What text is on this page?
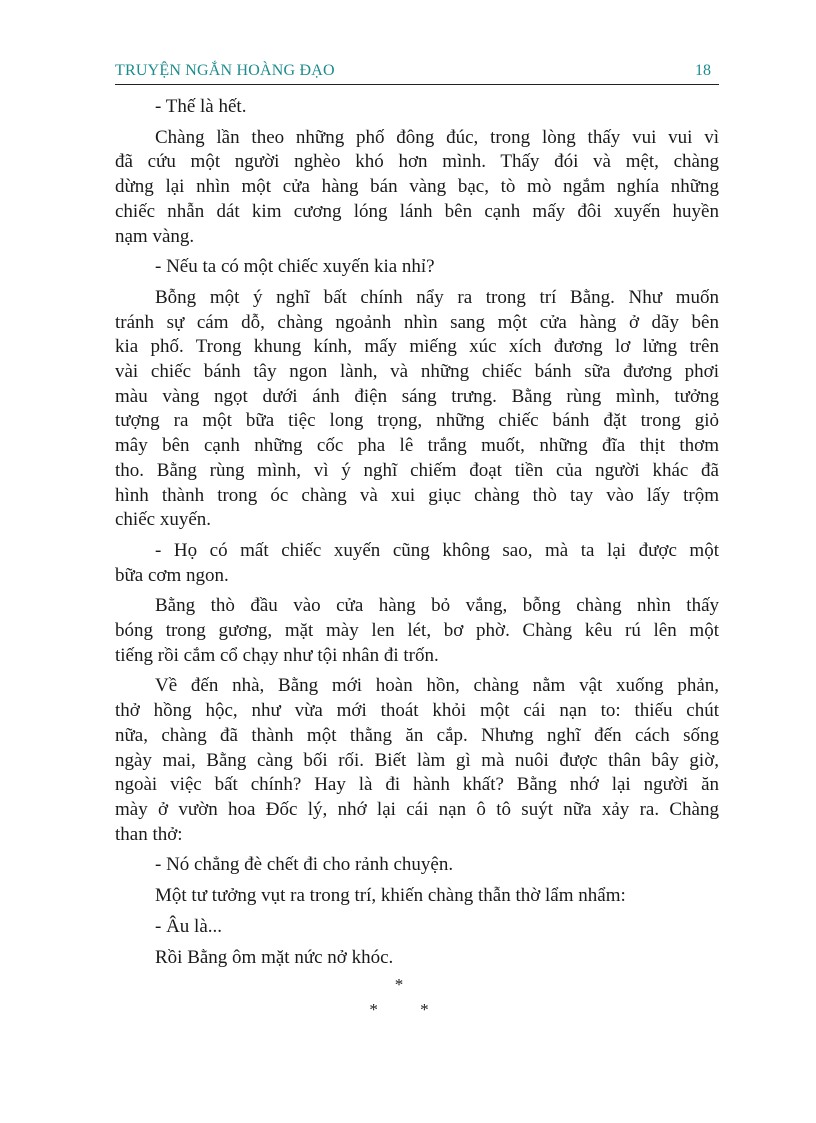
TRUYỆN NGẮN HOÀNG ĐẠO	18

- Thế là hết.

Chàng lần theo những phố đông đúc, trong lòng thấy vui vui vì
đã cứu một người nghèo khó hơn mình. Thấy đói và mệt, chàng
dừng lại nhìn một cửa hàng bán vàng bạc, tò mò ngắm nghía những
chiếc nhẫn dát kim cương lóng lánh bên cạnh mấy đôi xuyến huyền
nạm vàng.

- Nếu ta có một chiếc xuyến kia nhỉ?

Bỗng một ý nghĩ bất chính nẩy ra trong trí Bằng. Như muốn
tránh sự cám dỗ, chàng ngoảnh nhìn sang một cửa hàng ở dãy bên
kia phố. Trong khung kính, mấy miếng xúc xích đương lơ lửng trên
vài chiếc bánh tây ngon lành, và những chiếc bánh sữa đương phơi
màu vàng ngọt dưới ánh điện sáng trưng. Bằng rùng mình, tưởng
tượng ra một bữa tiệc long trọng, những chiếc bánh đặt trong giỏ
mây bên cạnh những cốc pha lê trắng muốt, những đĩa thịt thơm
tho. Bằng rùng mình, vì ý nghĩ chiếm đoạt tiền của người khác đã
hình thành trong óc chàng và xui giục chàng thò tay vào lấy trộm
chiếc xuyến.

- Họ có mất chiếc xuyến cũng không sao, mà ta lại được một
bữa cơm ngon.

Bằng thò đầu vào cửa hàng bỏ vắng, bỗng chàng nhìn thấy
bóng trong gương, mặt mày len lét, bơ phờ. Chàng kêu rú lên một
tiếng rồi cắm cổ chạy như tội nhân đi trốn.

Về đến nhà, Bằng mới hoàn hồn, chàng nằm vật xuống phản,
thở hồng hộc, như vừa mới thoát khỏi một cái nạn to: thiếu chút
nữa, chàng đã thành một thằng ăn cắp. Nhưng nghĩ đến cách sống
ngày mai, Bằng càng bối rối. Biết làm gì mà nuôi được thân bây giờ,
ngoài việc bất chính? Hay là đi hành khất? Bằng nhớ lại người ăn
mày ở vườn hoa Đốc lý, nhớ lại cái nạn ô tô suýt nữa xảy ra. Chàng
than thở:

- Nó chẳng đè chết đi cho rảnh chuyện.

Một tư tưởng vụt ra trong trí, khiến chàng thẫn thờ lẩm nhẩm:

- Âu là...

Rồi Bằng ôm mặt nức nở khóc.

*
* *
